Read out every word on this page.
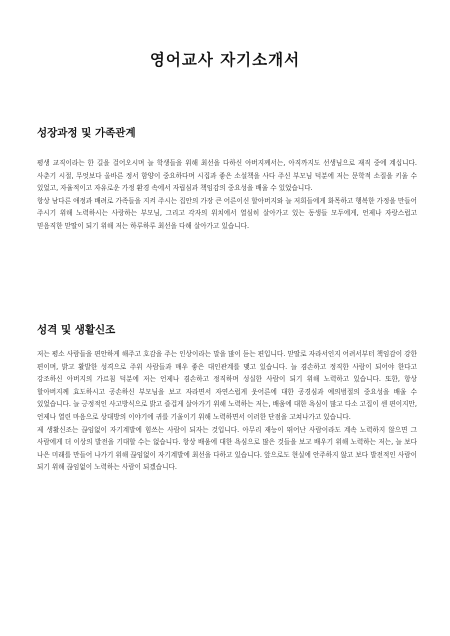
영어교사 자기소개서
성장과정 및 가족관계

평생 교직이라는 한 길을 걸어오시며 늘 학생들을 위해 최선을 다하신 아버지께서는, 아직까지도 선생님으로 재직 중에 계십니다. 사춘기 시절, 무엇보다 올바른 정서 함양이 중요하다며 시집과 좋은 소설책을 사다 주신 부모님 덕분에 저는 문학적 소질을 키울 수 있었고, 자율적이고 자유로운 가정 환경 속에서 자립심과 책임감의 중요성을 배울 수 있었습니다.

항상 남다른 애정과 배려로 가족들을 지켜 주시는 집안의 가장 큰 어른이신 할아버지와 늘 저희들에게 화목하고 행복한 가정을 만들어 주시기 위해 노력하시는 사랑하는 부모님, 그리고 각자의 위치에서 열심히 살아가고 있는 동생들 모두에게, 언제나 자랑스럽고 믿음직한 맏딸이 되기 위해 저는 하루하루 최선을 다해 살아가고 있습니다.

성격 및 생활신조

저는 평소 사람들을 편안하게 해주고 호감을 주는 인상이라는 말을 많이 듣는 편입니다. 맏딸로 자라서인지 어려서부터 책임감이 강한 편이며, 밝고 활발한 성격으로 주위 사람들과 매우 좋은 대인관계를 맺고 있습니다. 늘 겸손하고 정직한 사람이 되어야 한다고 강조하신 아버지의 가르침 덕분에 저는 언제나 겸손하고 정직하며 성실한 사람이 되기 위해 노력하고 있습니다. 또한, 항상 할아버지께 효도하시고 공손하신 부모님을 보고 자라면서 자연스럽게 웃어른에 대한 공경심과 예의범절의 중요성을 배울 수 있었습니다. 늘 긍정적인 사고방식으로 밝고 즐겁게 살아가기 위해 노력하는 저는, 배움에 대한 욕심이 많고 다소 고집이 센 편이지만, 언제나 열린 마음으로 상대방의 이야기에 귀를 기울이기 위해 노력하면서 이러한 단점을 고쳐나가고 있습니다.

제 생활신조는 끊임없이 자기계발에 힘쓰는 사람이 되자는 것입니다. 아무리 재능이 뛰어난 사람이라도 계속 노력하지 않으면 그 사람에게 더 이상의 발전을 기대할 수는 없습니다. 항상 배움에 대한 욕심으로 많은 것들을 보고 배우기 위해 노력하는 저는, 늘 보다 나은 미래를 만들어 나가기 위해 끊임없이 자기계발에 최선을 다하고 있습니다. 앞으로도 현실에 안주하지 않고 보다 발전적인 사람이 되기 위해 끊임없이 노력하는 사람이 되겠습니다.
